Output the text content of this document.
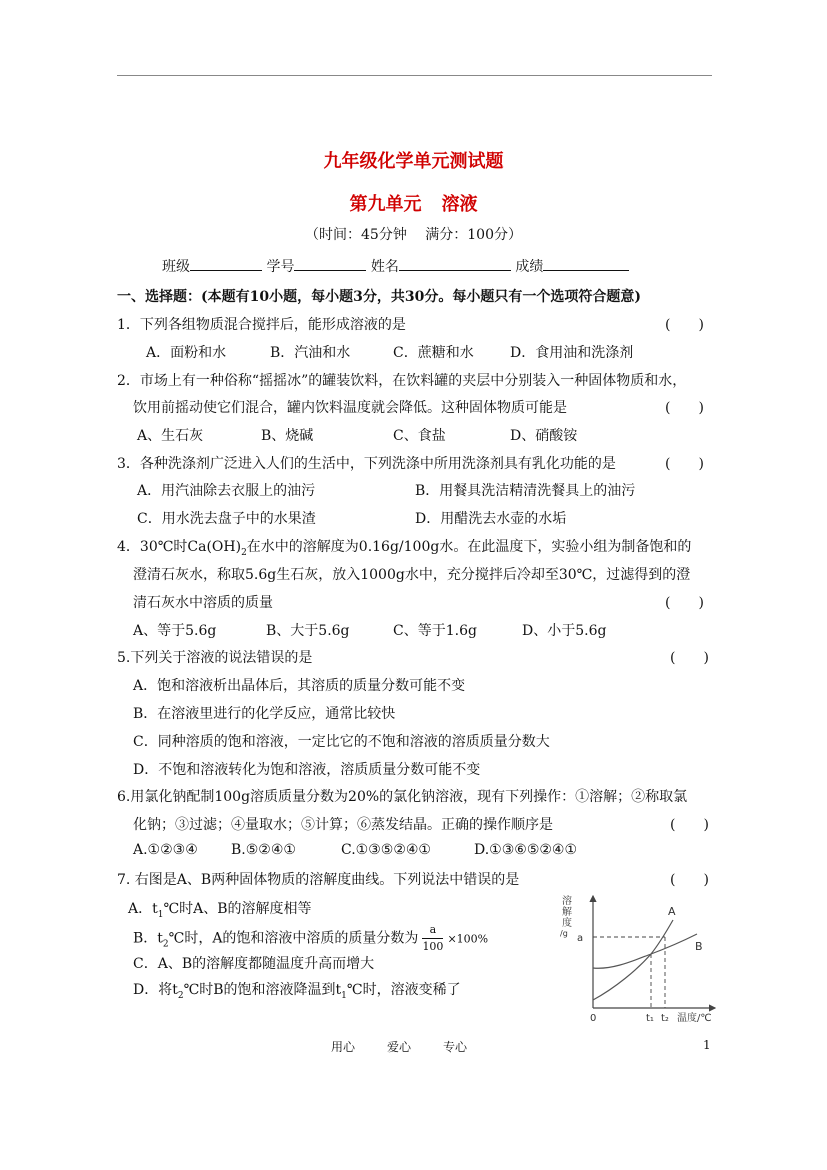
九年级化学单元测试题
第九单元 溶液
（时间：45分钟　 满分：100分）
班级	学号	姓名	成绩
一、选择题：(本题有10小题，每小题3分，共30分。每小题只有一个选项符合题意)
1．下列各组物质混合搅拌后，能形成溶液的是	(　　)
A．面粉和水	B．汽油和水	C．蔗糖和水	D．食用油和洗涤剂
2．市场上有一种俗称“摇摇冰”的罐装饮料，在饮料罐的夹层中分别装入一种固体物质和水，
饮用前摇动使它们混合，罐内饮料温度就会降低。这种固体物质可能是	(　　)
A、生石灰	B、烧碱	C、食盐	D、硝酸铵
3．各种洗涤剂广泛进入人们的生活中，下列洗涤中所用洗涤剂具有乳化功能的是	(　　)
A．用汽油除去衣服上的油污	B．用餐具洗洁精清洗餐具上的油污
C．用水洗去盘子中的水果渣	D．用醋洗去水壶的水垢
4．30℃时$Ca(OH)_2$在水中的溶解度为0.16g/100g水。在此温度下，实验小组为制备饱和的
澄清石灰水，称取5.6g生石灰，放入1000g水中，充分搅拌后冷却至30℃，过滤得到的澄
清石灰水中溶质的质量	(　　)
A、等于5.6g	B、大于5.6g	C、等于1.6g	D、小于5.6g
5.下列关于溶液的说法错误的是	(　　)
A．饱和溶液析出晶体后，其溶质的质量分数可能不变
B．在溶液里进行的化学反应，通常比较快
C．同种溶质的饱和溶液，一定比它的不饱和溶液的溶质质量分数大
D．不饱和溶液转化为饱和溶液，溶质质量分数可能不变
6.用氯化钠配制100g溶质质量分数为20%的氯化钠溶液，现有下列操作：①溶解；②称取氯
化钠；③过滤；④量取水；⑤计算；⑥蒸发结晶。正确的操作顺序是	(　　)
A.①②③④ B.⑤②④①	C.①③⑤②④①	D.①③⑥⑤②④①
7. 右图是A、B两种固体物质的溶解度曲线。下列说法中错误的是	(　　)
A．$t_1℃$时A、B的溶解度相等
B．$t_2℃$时，A的饱和溶液中溶质的质量分数为 $\frac{a}{100} \times 100\%$
C．A、B的溶解度都随温度升高而增大
D．将$t_2℃$时B的饱和溶液降温到$t_1℃$时，溶液变稀了
溶
解
度
/g a
A
B
0	t₁ t₂ 温度/℃
用心	爱心	专心	1
